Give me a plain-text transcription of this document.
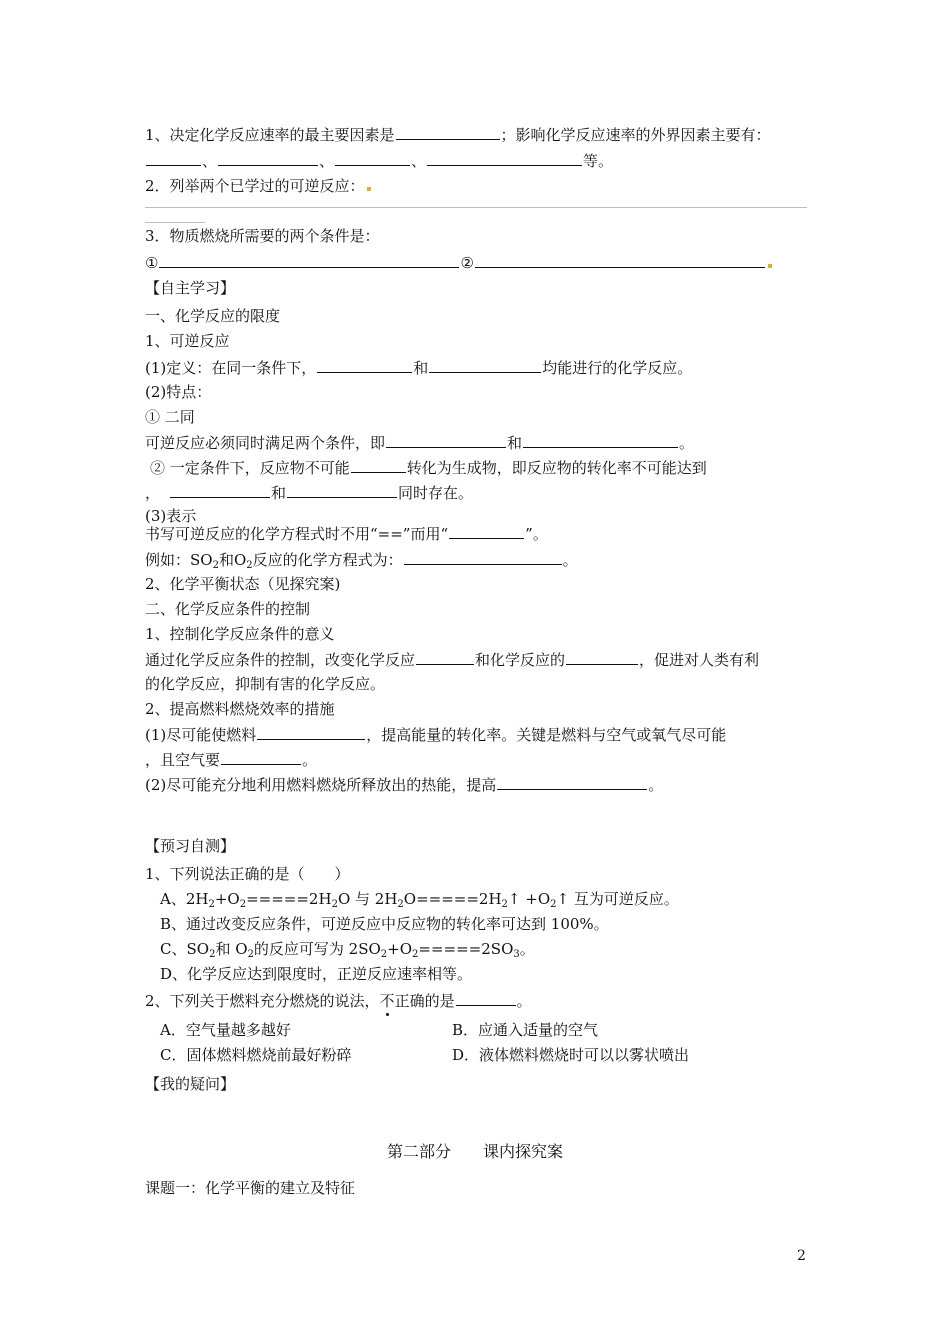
1、决定化学反应速率的最主要因素是	；影响化学反应速率的外界因素主要有：
、	、	、	等。
2．列举两个已学过的可逆反应：
3．物质燃烧所需要的两个条件是：
①	②
【自主学习】
一、化学反应的限度
1、可逆反应
(1)定义：在同一条件下，	和	均能进行的化学反应。
(2)特点：
① 二同
可逆反应必须同时满足两个条件，即	和	。
② 一定条件下，反应物不可能	转化为生成物，即反应物的转化率不可能达到
，	和	同时存在。
(3)表示
书写可逆反应的化学方程式时不用“==”而用“	”。
例如：$SO_2$和$O_2$反应的化学方程式为：	。
2、化学平衡状态（见探究案)
二、化学反应条件的控制
1、控制化学反应条件的意义
通过化学反应条件的控制，改变化学反应	和化学反应的	，促进对人类有利
的化学反应，抑制有害的化学反应。
2、提高燃料燃烧效率的措施
(1)尽可能使燃料	，提高能量的转化率。关键是燃料与空气或氧气尽可能
，且空气要	。
(2)尽可能充分地利用燃料燃烧所释放出的热能，提高	。
【预习自测】
1、下列说法正确的是（　　）
A、$2H_2+O_2=====2H_2O$ 与 $2H_2O=====2H_2↑$ $+O_2↑$ 互为可逆反应。
B、通过改变反应条件，可逆反应中反应物的转化率可达到 100%。
C、$SO_2$和 $O_2$的反应可写为 $2SO_2+O_2=====2SO_3$。
D、化学反应达到限度时，正逆反应速率相等。
2、下列关于燃料充分燃烧的说法，不正确的是	。
A．空气量越多越好	B．应通入适量的空气
C．固体燃料燃烧前最好粉碎	D．液体燃料燃烧时可以以雾状喷出
【我的疑问】
第二部分　　课内探究案
课题一：化学平衡的建立及特征
2
